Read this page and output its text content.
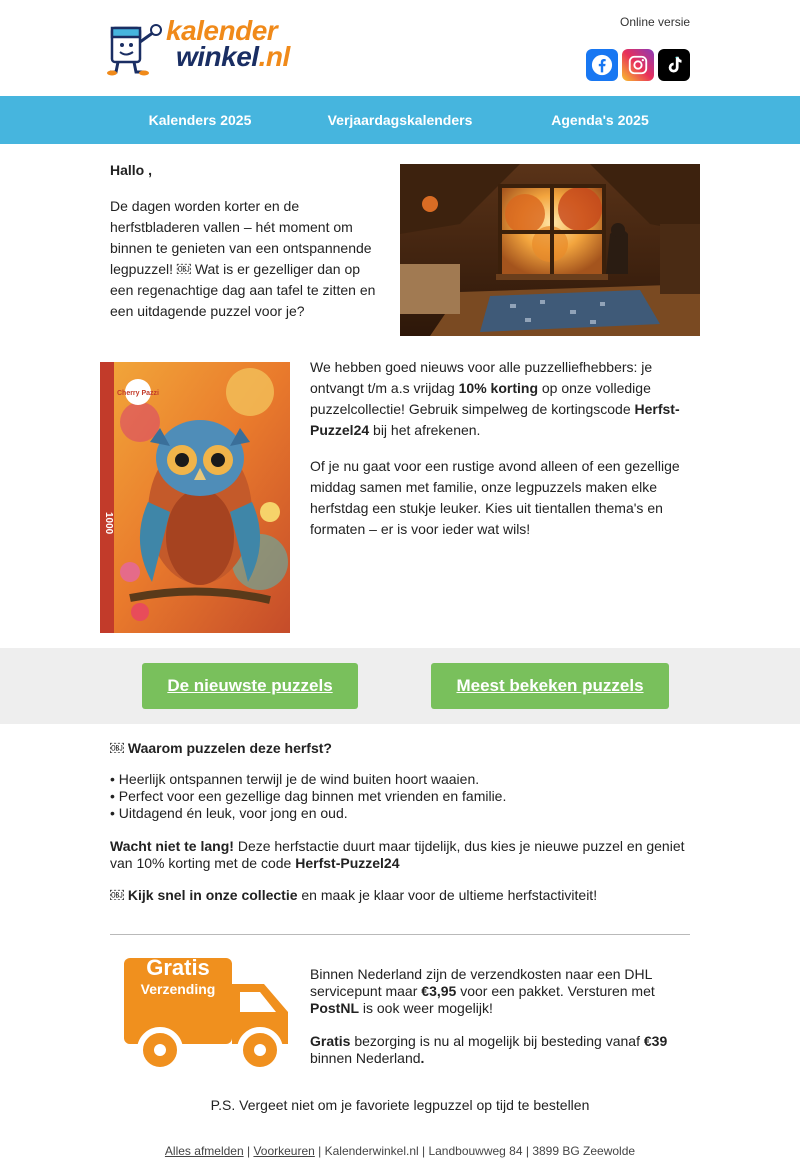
kalender
winkel.nl
Online versie
Kalenders 2025	Verjaardagskalenders	Agenda's 2025
Hallo ,
De dagen worden korter en de herfstbladeren vallen – hét moment om binnen te genieten van een ontspannende legpuzzel! ￼ Wat is er gezelliger dan op een regenachtige dag aan tafel te zitten en een uitdagende puzzel voor je?
Cherry Pazzi
1000
We hebben goed nieuws voor alle puzzelliefhebbers: je ontvangt t/m a.s vrijdag 10% korting op onze volledige puzzelcollectie! Gebruik simpelweg de kortingscode Herfst-Puzzel24 bij het afrekenen.
Of je nu gaat voor een rustige avond alleen of een gezellige middag samen met familie, onze legpuzzels maken elke herfstdag een stukje leuker. Kies uit tientallen thema's en formaten – er is voor ieder wat wils!
De nieuwste puzzels	Meest bekeken puzzels
￼ Waarom puzzelen deze herfst?
• Heerlijk ontspannen terwijl je de wind buiten hoort waaien.
• Perfect voor een gezellige dag binnen met vrienden en familie.
• Uitdagend én leuk, voor jong en oud.
Wacht niet te lang! Deze herfstactie duurt maar tijdelijk, dus kies je nieuwe puzzel en geniet van 10% korting met de code Herfst-Puzzel24
￼ Kijk snel in onze collectie en maak je klaar voor de ultieme herfstactiviteit!
Gratis
Verzending
Binnen Nederland zijn de verzendkosten naar een DHL servicepunt maar €3,95 voor een pakket. Versturen met PostNL is ook weer mogelijk!
Gratis bezorging is nu al mogelijk bij besteding vanaf €39 binnen Nederland.
P.S. Vergeet niet om je favoriete legpuzzel op tijd te bestellen
Alles afmelden | Voorkeuren | Kalenderwinkel.nl | Landbouwweg 84 | 3899 BG Zeewolde
